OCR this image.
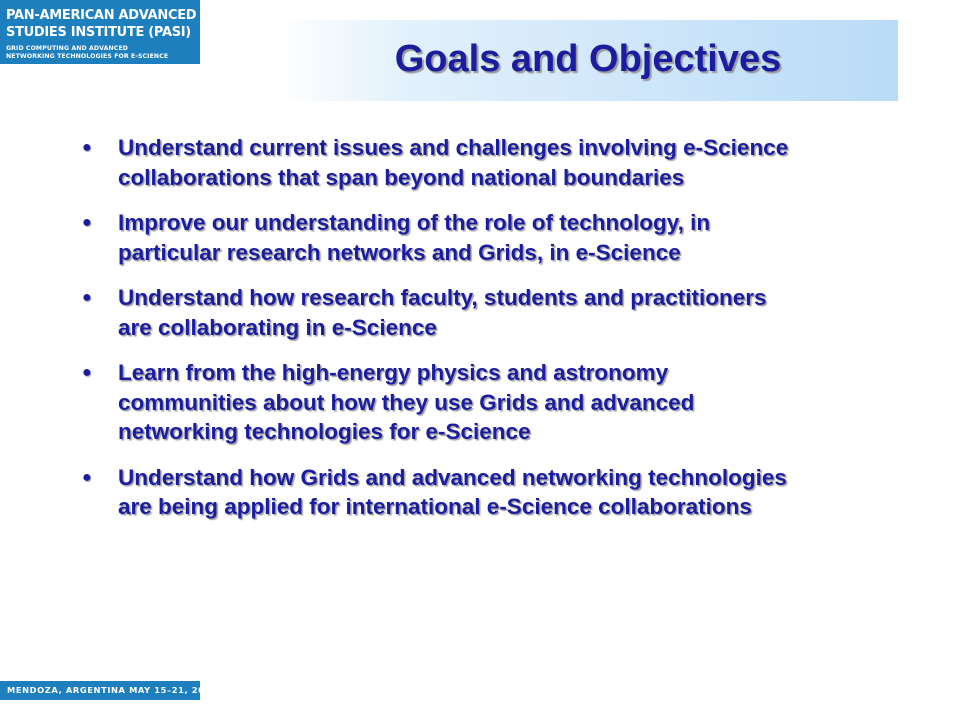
PAN-AMERICAN ADVANCED
STUDIES INSTITUTE (PASI)
GRID COMPUTING AND ADVANCED
NETWORKING TECHNOLOGIES FOR E-SCIENCE	Goals and Objectives
●	Understand current issues and challenges involving e-Science collaborations that span beyond national boundaries
●	Improve our understanding of the role of technology, in particular research networks and Grids, in e-Science
●	Understand how research faculty, students and practitioners are collaborating in e-Science
●	Learn from the high-energy physics and astronomy communities about how they use Grids and advanced networking technologies for e-Science
●	Understand how Grids and advanced networking technologies are being applied for international e-Science collaborations
MENDOZA, ARGENTINA MAY 15–21, 2005
